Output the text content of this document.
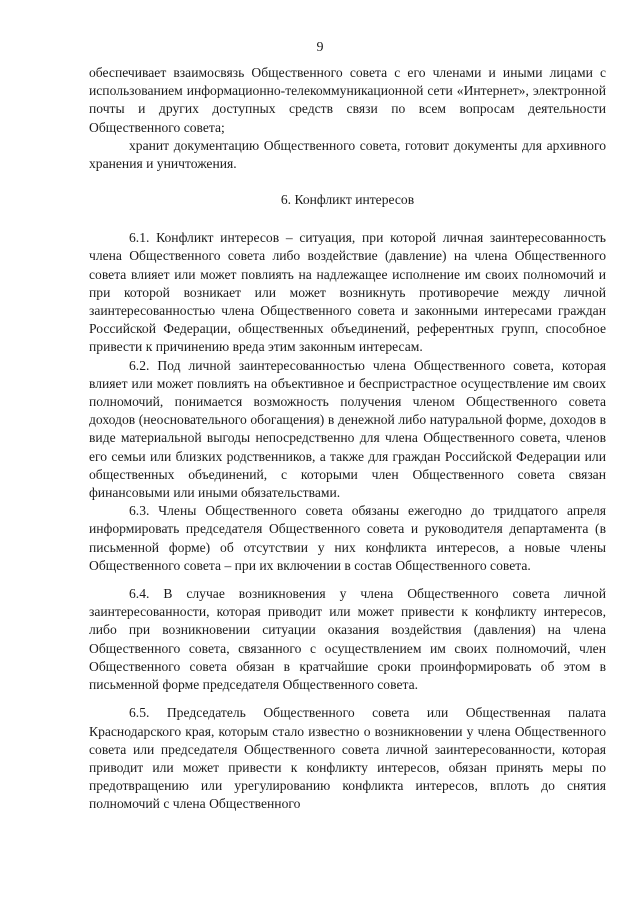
9

обеспечивает взаимосвязь Общественного совета с его членами и иными лицами с использованием информационно-телекоммуникационной сети «Интернет», электронной почты и других доступных средств связи по всем вопросам деятельности Общественного совета;

хранит документацию Общественного совета, готовит документы для архивного хранения и уничтожения.

6. Конфликт интересов

6.1. Конфликт интересов – ситуация, при которой личная заинтересованность члена Общественного совета либо воздействие (давление) на члена Общественного совета влияет или может повлиять на надлежащее исполнение им своих полномочий и при которой возникает или может возникнуть противоречие между личной заинтересованностью члена Общественного совета и законными интересами граждан Российской Федерации, общественных объединений, референтных групп, способное привести к причинению вреда этим законным интересам.

6.2. Под личной заинтересованностью члена Общественного совета, которая влияет или может повлиять на объективное и беспристрастное осуществление им своих полномочий, понимается возможность получения членом Общественного совета доходов (неосновательного обогащения) в денежной либо натуральной форме, доходов в виде материальной выгоды непосредственно для члена Общественного совета, членов его семьи или близких родственников, а также для граждан Российской Федерации или общественных объединений, с которыми член Общественного совета связан финансовыми или иными обязательствами.

6.3. Члены Общественного совета обязаны ежегодно до тридцатого апреля информировать председателя Общественного совета и руководителя департамента (в письменной форме) об отсутствии у них конфликта интересов, а новые члены Общественного совета – при их включении в состав Общественного совета.

6.4. В случае возникновения у члена Общественного совета личной заинтересованности, которая приводит или может привести к конфликту интересов, либо при возникновении ситуации оказания воздействия (давления) на члена Общественного совета, связанного с осуществлением им своих полномочий, член Общественного совета обязан в кратчайшие сроки проинформировать об этом в письменной форме председателя Общественного совета.

6.5. Председатель Общественного совета или Общественная палата Краснодарского края, которым стало известно о возникновении у члена Общественного совета или председателя Общественного совета личной заинтересованности, которая приводит или может привести к конфликту интересов, обязан принять меры по предотвращению или урегулированию конфликта интересов, вплоть до снятия полномочий с члена Общественного
